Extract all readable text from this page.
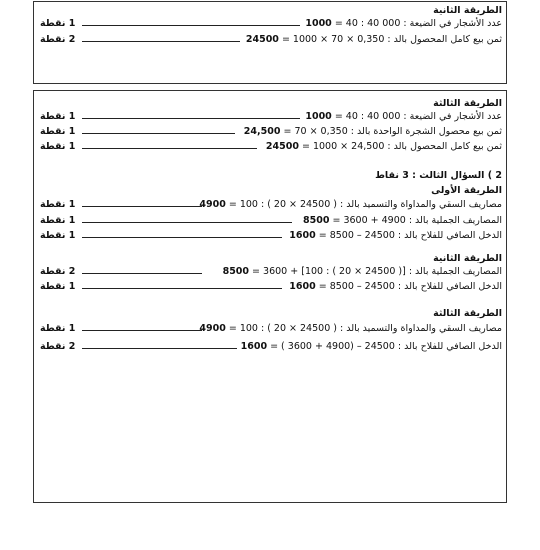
الطريقة الثانية
عدد الأشجار في الضيعة : 000 40 : 40 = 1000
1 نقطة
ثمن بيع كامل المحصول بالد : 0,350 × 70 × 1000 = 24500
2 نقطة
الطريقة الثالثة
عدد الأشجار في الضيعة : 000 40 : 40 = 1000
1 نقطة
ثمن بيع محصول الشجرة الواحدة بالد : 0,350 × 70 = 24,500
1 نقطة
ثمن بيع كامل المحصول بالد : 24,500 × 1000 = 24500
1 نقطة
2 ) السؤال الثالث : 3 نقاط
الطريقة الأولى
مصاريف السقي والمداواة والتسميد بالد : ( 24500 × 20 ) : 100 = 4900
1 نقطة
المصاريف الجملية بالد : 4900 + 3600 = 8500
1 نقطة
الدخل الصافي للفلاح بالد : 24500 – 8500 = 1600
1 نقطة
الطريقة الثانية
المصاريف الجملية بالد : [( 24500 × 20 ) : 100] + 3600 = 8500
2 نقطة
الدخل الصافي للفلاح بالد : 24500 – 8500 = 1600
1 نقطة
الطريقة الثالثة
مصاريف السقي والمداواة والتسميد بالد : ( 24500 × 20 ) : 100 = 4900
1 نقطة
الدخل الصافي للفلاح بالد : 24500 – (4900 + 3600 ) = 1600
2 نقطة
